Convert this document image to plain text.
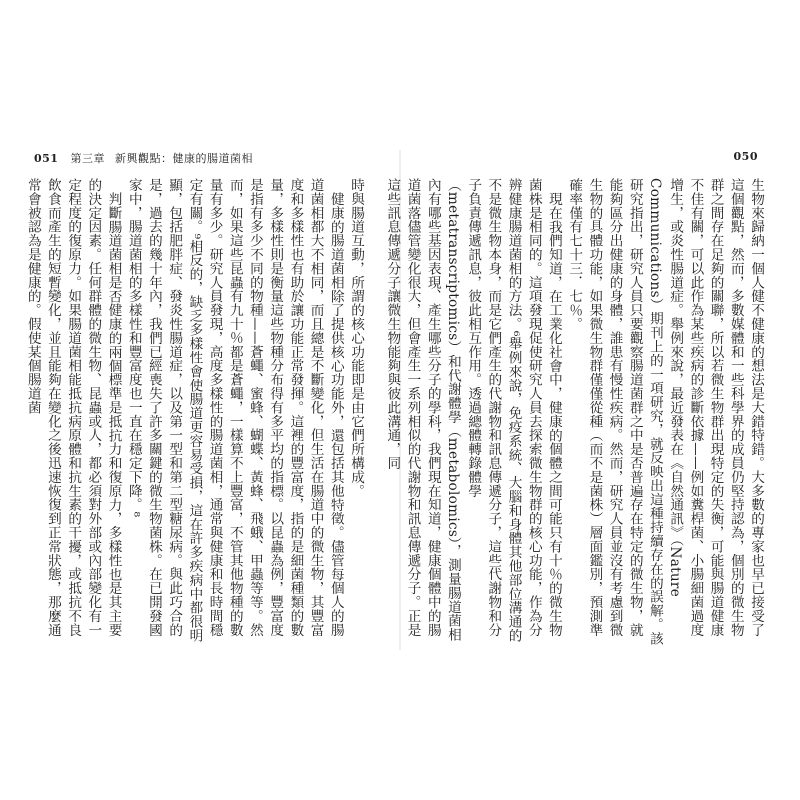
051 第三章 新興觀點：健康的腸道菌相

時與腸道互動，所謂的核心功能即是由它們所構成。

健康的腸道菌相除了提供核心功能外，還包括其他特徵。儘管每個人的腸道菌相都大不相同，而且總是不斷變化，但生活在腸道中的微生物，其豐富度和多樣性也有助於讓功能正常發揮。這裡的豐富度，指的是細菌種類的數量，多樣性則是衡量這些物種分布得有多平均的指標。以昆蟲為例，豐富度是指有多少不同的物種——蒼蠅、蜜蜂、蝴蝶、黃蜂、飛蛾、甲蟲等等。然而，如果這些昆蟲有九十％都是蒼蠅，一樣算不上豐富，不管其他物種的數量有多少。研究人員發現，高度多樣性的腸道菌相，通常與健康和長時間穩定有關。⁹相反的，缺乏多樣性會使腸道更容易受損，這在許多疾病中都很明顯，包括肥胖症、發炎性腸道症，以及第一型和第二型糖尿病。與此巧合的是，過去的幾十年內，我們已經喪失了許多關鍵的微生物菌株。在已開發國家中，腸道菌相的多樣性和豐富度也一直在穩定下降。⁸

判斷腸道菌相是否健康的兩個標準是抵抗力和復原力，多樣性也是其主要的決定因素。任何群體的微生物、昆蟲或人，都必須對外部或內部變化有一定程度的復原力。如果腸道菌相能抵抗病原體和抗生素的干擾，或抵抗不良飲食而產生的短暫變化，並且能夠在變化之後迅速恢復到正常狀態，那麼通常會被認為是健康的。假使某個腸道菌

050

生物來歸納一個人健不健康的想法是大錯特錯。大多數的專家也早已接受了這個觀點，然而，多數媒體和一些科學界的成員仍堅持認為，個別的微生物群之間存在足夠的關聯，所以若微生物群出現特定的失衡，可能與腸道健康不佳有關，可以此作為某些疾病的診斷依據——例如糞桿菌、小腸細菌過度增生，或炎性腸道症。舉例來說，最近發表在《自然通訊》（Nature Communications）期刊上的一項研究，就反映出這種持續存在的誤解。該研究指出，研究人員只要觀察腸道菌群之中是否普遍存在特定的微生物，就能夠區分出健康的身體，誰患有慢性疾病。然而，研究人員並沒有考慮到微生物的具體功能，如果微生物群僅僅從種（而不是菌株）層面鑑別，預測準確率僅有七十三．七％。

現在我們知道，在工業化社會中，健康的個體之間可能只有十％的微生物菌株是相同的。這項發現促使研究人員去探索微生物群的核心功能，作為分辨健康腸道菌相的方法。⁶舉例來說，免疫系統、大腦和身體其他部位溝通的不是微生物本身，而是它們產生的代謝物和訊息傳遞分子，這些代謝物和分子負責傳遞訊息，彼此相互作用。透過總體轉錄體學（metatranscriptomics）和代謝體學（metabolomics），測量腸道菌相內有哪些基因表現、產生哪些分子的學科，我們現在知道，健康個體中的腸道菌落儘管變化很大，但會產生一系列相似的代謝物和訊息傳遞分子。正是這些訊息傳遞分子讓微生物能夠與彼此溝通，同
